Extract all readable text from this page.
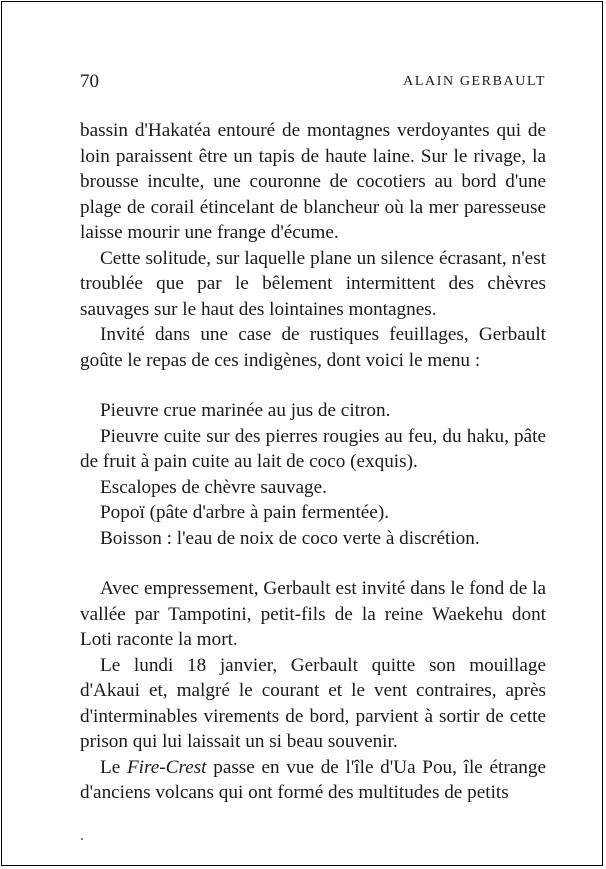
70	ALAIN GERBAULT

bassin d'Hakatéa entouré de montagnes verdoyantes qui de loin paraissent être un tapis de haute laine. Sur le rivage, la brousse inculte, une couronne de cocotiers au bord d'une plage de corail étincelant de blancheur où la mer paresseuse laisse mourir une frange d'écume.

Cette solitude, sur laquelle plane un silence écrasant, n'est troublée que par le bêlement intermittent des chèvres sauvages sur le haut des lointaines montagnes.

Invité dans une case de rustiques feuillages, Gerbault goûte le repas de ces indigènes, dont voici le menu :

Pieuvre crue marinée au jus de citron.

Pieuvre cuite sur des pierres rougies au feu, du haku, pâte de fruit à pain cuite au lait de coco (exquis).

Escalopes de chèvre sauvage.

Popoï (pâte d'arbre à pain fermentée).

Boisson : l'eau de noix de coco verte à discrétion.

Avec empressement, Gerbault est invité dans le fond de la vallée par Tampotini, petit-fils de la reine Waekehu dont Loti raconte la mort.

Le lundi 18 janvier, Gerbault quitte son mouillage d'Akaui et, malgré le courant et le vent contraires, après d'interminables virements de bord, parvient à sortir de cette prison qui lui laissait un si beau souvenir.

Le Fire-Crest passe en vue de l'île d'Ua Pou, île étrange d'anciens volcans qui ont formé des multitudes de petits
